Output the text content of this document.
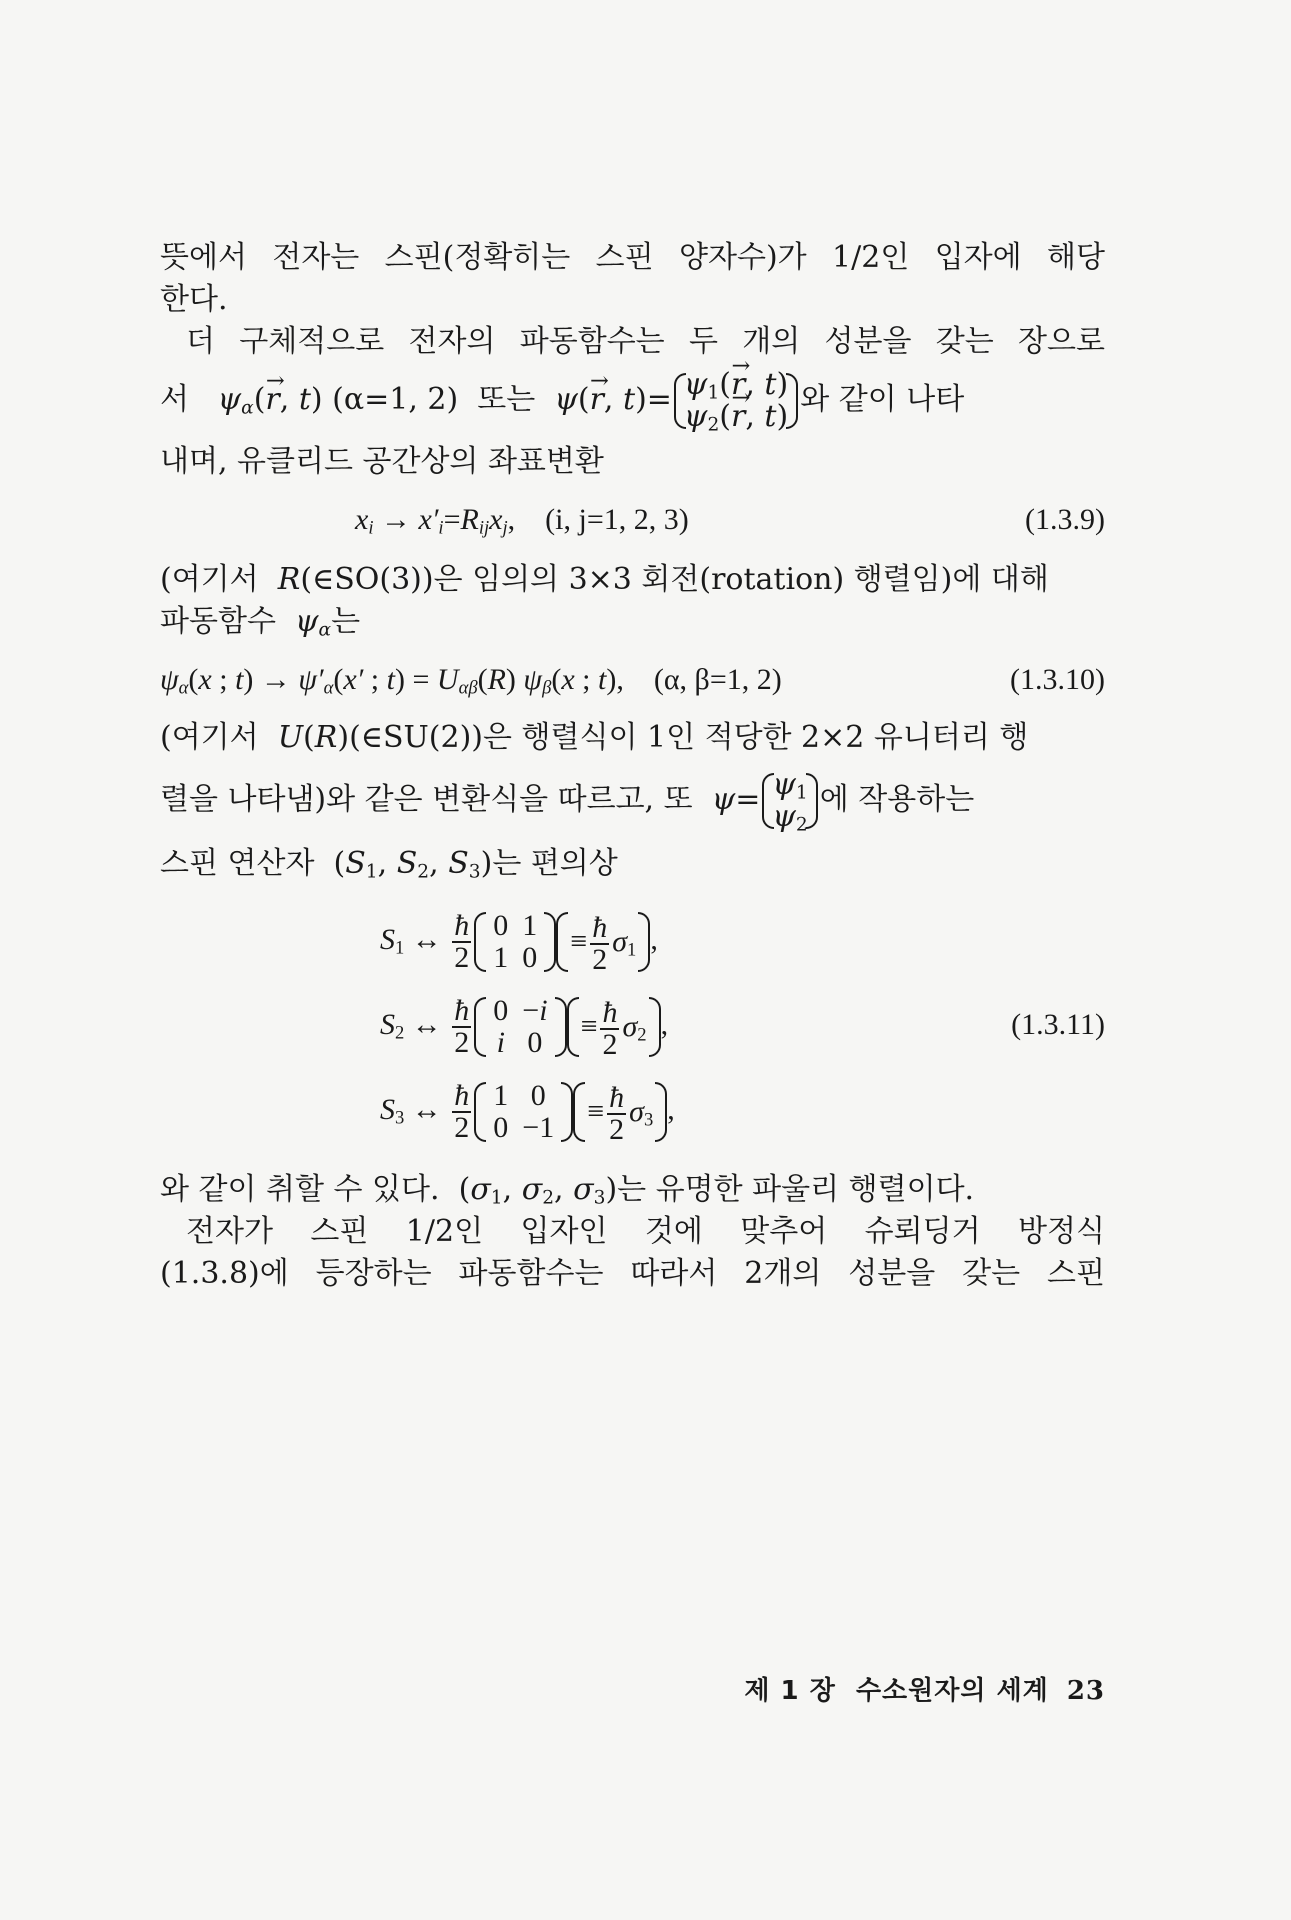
뜻에서 전자는 스핀(정확히는 스핀 양자수)가 1/2인 입자에 해당
한다.
더 구체적으로 전자의 파동함수는 두 개의 성분을 갖는 장으로
서 $\psi_\alpha(\to r$, t) (α=1, 2) 또는 ψ(→ r, $t)= \psi_1(\to r$, t)
$\psi_2(\to r$, t) 와 같이 나타
내며, 유클리드 공간상의 좌표변환
$x_i \to x'_i=R_{ij}x_j$,    (i, j=1, 2, 3)	(1.3.9)
(여기서 R(∈SO(3))은 임의의 3×3 회전(rotation) 행렬임)에 대해
파동함수 $\psi_\alpha$는
$\psi_\alpha(x$ ; $t) \to \psi'_\alpha(x'$ ; $t) = U_{\alpha\beta}(R)$ $\psi_\beta(x$ ; t),    (α, β=1, 2)	(1.3.10)
(여기서 U(R)(∈SU(2))은 행렬식이 1인 적당한 2×2 유니터리 행
렬을 나타냄)와 같은 변환식을 따르고, 또 $\psi= \psi_1$
$\psi_2$
에 작용하는
스핀 연산자  ($S_1$, $S_2$, $S_3$)는 편의상
$S_1$ ↔ $\frac{ħ}{2} 0$	1
1	$0 \equiv \frac{ħ}{2} \sigma_1$ ,
$S_2$ ↔ $\frac{ħ}{2} 0$	−i
i	$0 \equiv \frac{ħ}{2} \sigma_2$ ,	(1.3.11)
$S_3$ ↔ $\frac{ħ}{2} 1$	0
0	$-1 \equiv \frac{ħ}{2} \sigma_3$ ,
와 같이 취할 수 있다.  ($\sigma_1$, $\sigma_2$, $\sigma_3$)는 유명한 파울리 행렬이다.
전자가 스핀 1/2인 입자인 것에 맞추어 슈뢰딩거 방정식
(1.3.8)에 등장하는 파동함수는 따라서 2개의 성분을 갖는 스핀
제 1 장 수소원자의 세계 23
